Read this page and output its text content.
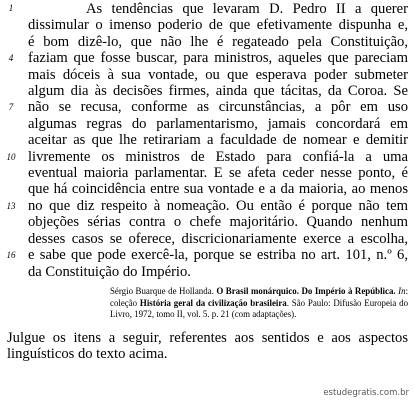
1
4
7
10
13
16
As tendências que levaram D. Pedro II a querer
dissimular o imenso poderio de que efetivamente dispunha e,
é bom dizê-lo, que não lhe é regateado pela Constituição,
faziam que fosse buscar, para ministros, aqueles que pareciam
mais dóceis à sua vontade, ou que esperava poder submeter
algum dia às decisões firmes, ainda que tácitas, da Coroa. Se
não se recusa, conforme as circunstâncias, a pôr em uso
algumas regras do parlamentarismo, jamais concordará em
aceitar as que lhe retirariam a faculdade de nomear e demitir
livremente os ministros de Estado para confiá-la a uma
eventual maioria parlamentar. E se afeta ceder nesse ponto, é
que há coincidência entre sua vontade e a da maioria, ao menos
no que diz respeito à nomeação. Ou então é porque não tem
objeções sérias contra o chefe majoritário. Quando nenhum
desses casos se oferece, discricionariamente exerce a escolha,
e sabe que pode exercê-la, porque se estriba no art. 101, n.º 6,
da Constituição do Império.

Sérgio Buarque de Hollanda. O Brasil monárquico. Do Império à República. In: coleção História geral da civilização brasileira. São Paulo: Difusão Europeia do Livro, 1972, tomo II, vol. 5. p. 21 (com adaptações).

Julgue os itens a seguir, referentes aos sentidos e aos aspectos
linguísticos do texto acima.

estudegratis.com.br
